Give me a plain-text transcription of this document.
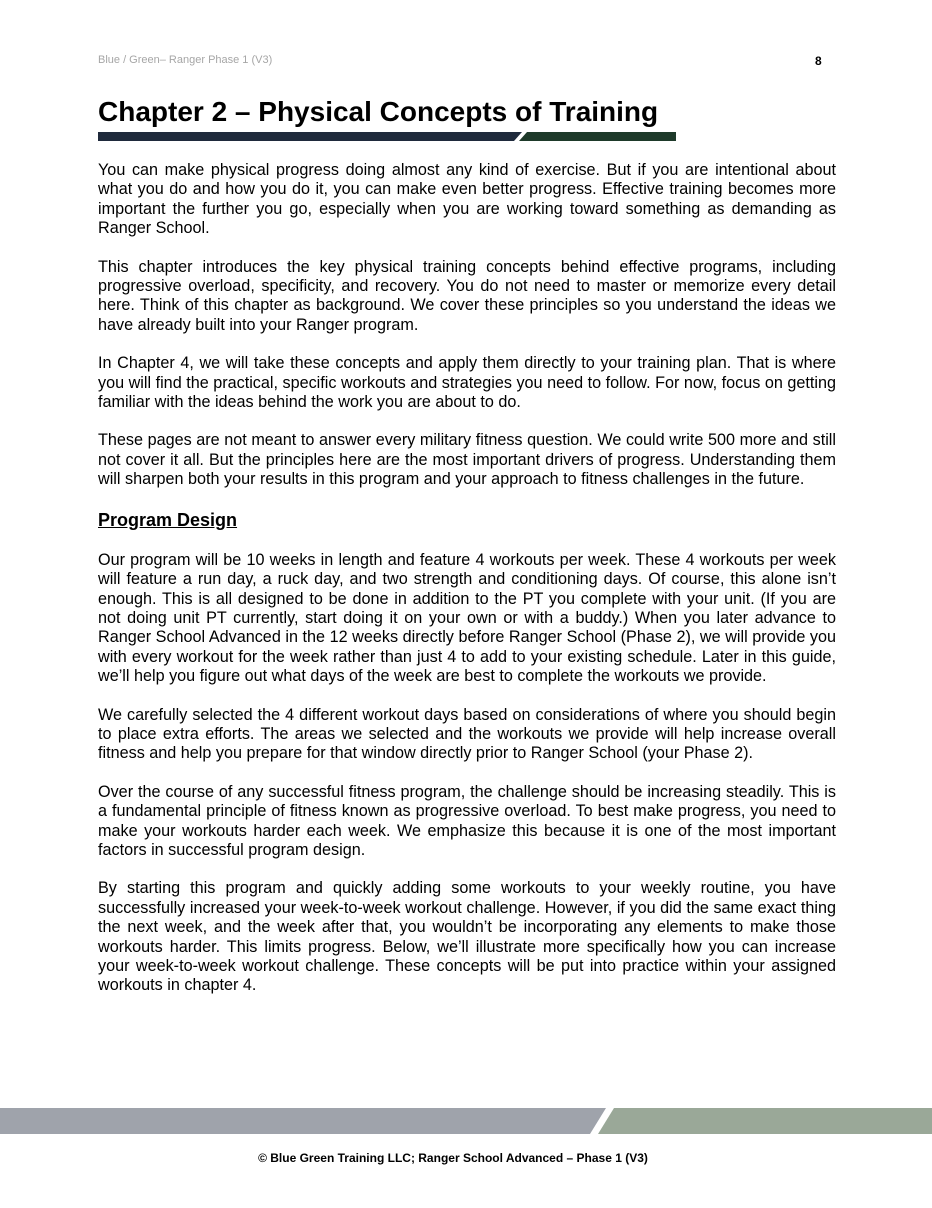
Blue / Green– Ranger Phase 1 (V3)	8
Chapter 2 – Physical Concepts of Training

You can make physical progress doing almost any kind of exercise. But if you are intentional about what you do and how you do it, you can make even better progress. Effective training becomes more important the further you go, especially when you are working toward something as demanding as Ranger School.

This chapter introduces the key physical training concepts behind effective programs, including progressive overload, specificity, and recovery. You do not need to master or memorize every detail here. Think of this chapter as background. We cover these principles so you understand the ideas we have already built into your Ranger program.

In Chapter 4, we will take these concepts and apply them directly to your training plan. That is where you will find the practical, specific workouts and strategies you need to follow. For now, focus on getting familiar with the ideas behind the work you are about to do.

These pages are not meant to answer every military fitness question. We could write 500 more and still not cover it all. But the principles here are the most important drivers of progress. Understanding them will sharpen both your results in this program and your approach to fitness challenges in the future.

Program Design

Our program will be 10 weeks in length and feature 4 workouts per week. These 4 workouts per week will feature a run day, a ruck day, and two strength and conditioning days. Of course, this alone isn’t enough. This is all designed to be done in addition to the PT you complete with your unit. (If you are not doing unit PT currently, start doing it on your own or with a buddy.) When you later advance to Ranger School Advanced in the 12 weeks directly before Ranger School (Phase 2), we will provide you with every workout for the week rather than just 4 to add to your existing schedule. Later in this guide, we’ll help you figure out what days of the week are best to complete the workouts we provide.

We carefully selected the 4 different workout days based on considerations of where you should begin to place extra efforts. The areas we selected and the workouts we provide will help increase overall fitness and help you prepare for that window directly prior to Ranger School (your Phase 2).

Over the course of any successful fitness program, the challenge should be increasing steadily. This is a fundamental principle of fitness known as progressive overload. To best make progress, you need to make your workouts harder each week. We emphasize this because it is one of the most important factors in successful program design.

By starting this program and quickly adding some workouts to your weekly routine, you have successfully increased your week-to-week workout challenge. However, if you did the same exact thing the next week, and the week after that, you wouldn’t be incorporating any elements to make those workouts harder. This limits progress. Below, we’ll illustrate more specifically how you can increase your week-to-week workout challenge. These concepts will be put into practice within your assigned workouts in chapter 4.

© Blue Green Training LLC; Ranger School Advanced – Phase 1 (V3)
